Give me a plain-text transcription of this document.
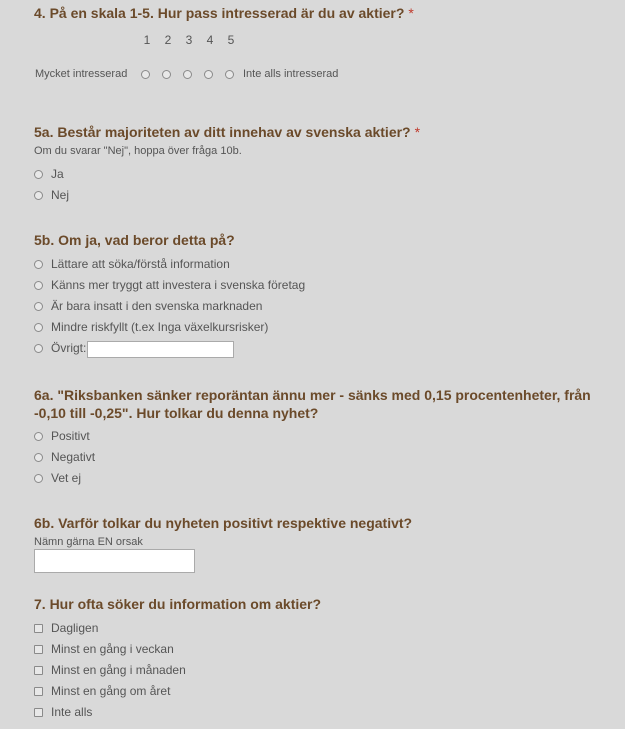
4. På en skala 1-5. Hur pass intresserad är du av aktier? *
1 2 3 4 5
Mycket intresserad	Inte alls intresserad
5a. Består majoriteten av ditt innehav av svenska aktier? *
Om du svarar "Nej", hoppa över fråga 10b.
Ja
Nej
5b. Om ja, vad beror detta på?
Lättare att söka/förstå information
Känns mer tryggt att investera i svenska företag
Är bara insatt i den svenska marknaden
Mindre riskfyllt (t.ex Inga växelkursrisker)
Övrigt:
6a. "Riksbanken sänker reporäntan ännu mer - sänks med 0,15 procentenheter, från -0,10 till -0,25". Hur tolkar du denna nyhet?
Positivt
Negativt
Vet ej
6b. Varför tolkar du nyheten positivt respektive negativt?
Nämn gärna EN orsak
7. Hur ofta söker du information om aktier?
Dagligen
Minst en gång i veckan
Minst en gång i månaden
Minst en gång om året
Inte alls
